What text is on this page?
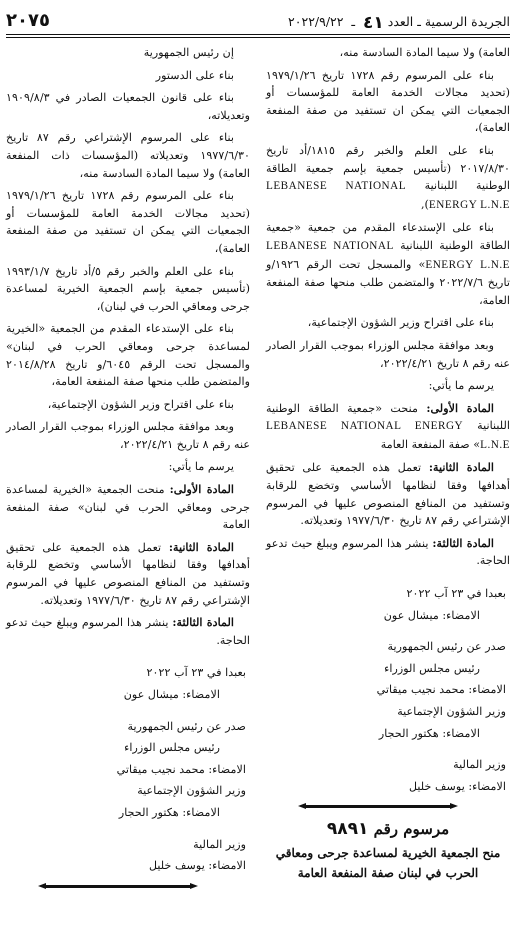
٢٠٧٥	الجريدة الرسمية ـ العدد ٤١  ـ  ٢٠٢٢/٩/٢٢

العامة) ولا سيما المادة السادسة منه،

بناء على المرسوم رقم ١٧٢٨ تاريخ ١٩٧٩/١/٢٦ (تحديد مجالات الخدمة العامة للمؤسسات أو الجمعيات التي يمكن ان تستفيد من صفة المنفعة العامة)،

بناء على العلم والخبر رقم ١٨١٥/أد تاريخ ٢٠١٧/٨/٣٠ (تأسيس جمعية بإسم جمعية الطاقة الوطنية اللبنانية LEBANESE NATIONAL ENERGY L.N.E),

بناء على الإستدعاء المقدم من جمعية «جمعية الطاقة الوطنية اللبنانية LEBANESE NATIONAL ENERGY L.N.E» والمسجل تحت الرقم ١٩٢٦/و تاريخ ٢٠٢٢/٧/٦ والمتضمن طلب منحها صفة المنفعة العامة،

بناء على اقتراح وزير الشؤون الإجتماعية،

وبعد موافقة مجلس الوزراء بموجب القرار الصادر عنه رقم ٨ تاريخ ٢٠٢٢/٤/٢١،

يرسم ما يأتي:

المادة الأولى: منحت «جمعية الطاقة الوطنية اللبنانية LEBANESE NATIONAL ENERGY L.N.E» صفة المنفعة العامة

المادة الثانية: تعمل هذه الجمعية على تحقيق أهدافها وفقا لنظامها الأساسي وتخضع للرقابة وتستفيد من المنافع المنصوص عليها في المرسوم الإشتراعي رقم ٨٧ تاريخ ١٩٧٧/٦/٣٠ وتعديلاته.

المادة الثالثة: ينشر هذا المرسوم ويبلغ حيث تدعو الحاجة.

بعبدا في ٢٣ آب ٢٠٢٢
الامضاء: ميشال عون
صدر عن رئيس الجمهورية
رئيس مجلس الوزراء
الامضاء: محمد نجيب ميقاتي
وزير الشؤون الإجتماعية
الامضاء: هكتور الحجار
وزير المالية
الامضاء: يوسف خليل
مرسوم رقم ٩٨٩١
منح الجمعية الخيرية لمساعدة جرحى ومعاقي الحرب في لبنان صفة المنفعة العامة

إن رئيس الجمهورية

بناء على الدستور

بناء على قانون الجمعيات الصادر في ١٩٠٩/٨/٣ وتعديلاته،

بناء على المرسوم الإشتراعي رقم ٨٧ تاريخ ١٩٧٧/٦/٣٠ وتعديلاته (المؤسسات ذات المنفعة العامة) ولا سيما المادة السادسة منه،

بناء على المرسوم رقم ١٧٢٨ تاريخ ١٩٧٩/١/٢٦ (تحديد مجالات الخدمة العامة للمؤسسات أو الجمعيات التي يمكن ان تستفيد من صفة المنفعة العامة)،

بناء على العلم والخبر رقم ٥/أد تاريخ ١٩٩٣/١/٧ (تأسيس جمعية بإسم الجمعية الخيرية لمساعدة جرحى ومعاقي الحرب في لبنان)،

بناء على الإستدعاء المقدم من الجمعية «الخيرية لمساعدة جرحى ومعاقي الحرب في لبنان» والمسجل تحت الرقم ٦٠٤٥/و تاريخ ٢٠١٤/٨/٢٨ والمتضمن طلب منحها صفة المنفعة العامة،

بناء على اقتراح وزير الشؤون الإجتماعية،

وبعد موافقة مجلس الوزراء بموجب القرار الصادر عنه رقم ٨ تاريخ ٢٠٢٢/٤/٢١،

يرسم ما يأتي:

المادة الأولى: منحت الجمعية «الخيرية لمساعدة جرحى ومعاقي الحرب في لبنان» صفة المنفعة العامة

المادة الثانية: تعمل هذه الجمعية على تحقيق أهدافها وفقا لنظامها الأساسي وتخضع للرقابة وتستفيد من المنافع المنصوص عليها في المرسوم الإشتراعي رقم ٨٧ تاريخ ١٩٧٧/٦/٣٠ وتعديلاته.

المادة الثالثة: ينشر هذا المرسوم ويبلغ حيث تدعو الحاجة.

بعبدا في ٢٣ آب ٢٠٢٢
الامضاء: ميشال عون
صدر عن رئيس الجمهورية
رئيس مجلس الوزراء
الامضاء: محمد نجيب ميقاتي
وزير الشؤون الإجتماعية
الامضاء: هكتور الحجار
وزير المالية
الامضاء: يوسف خليل
